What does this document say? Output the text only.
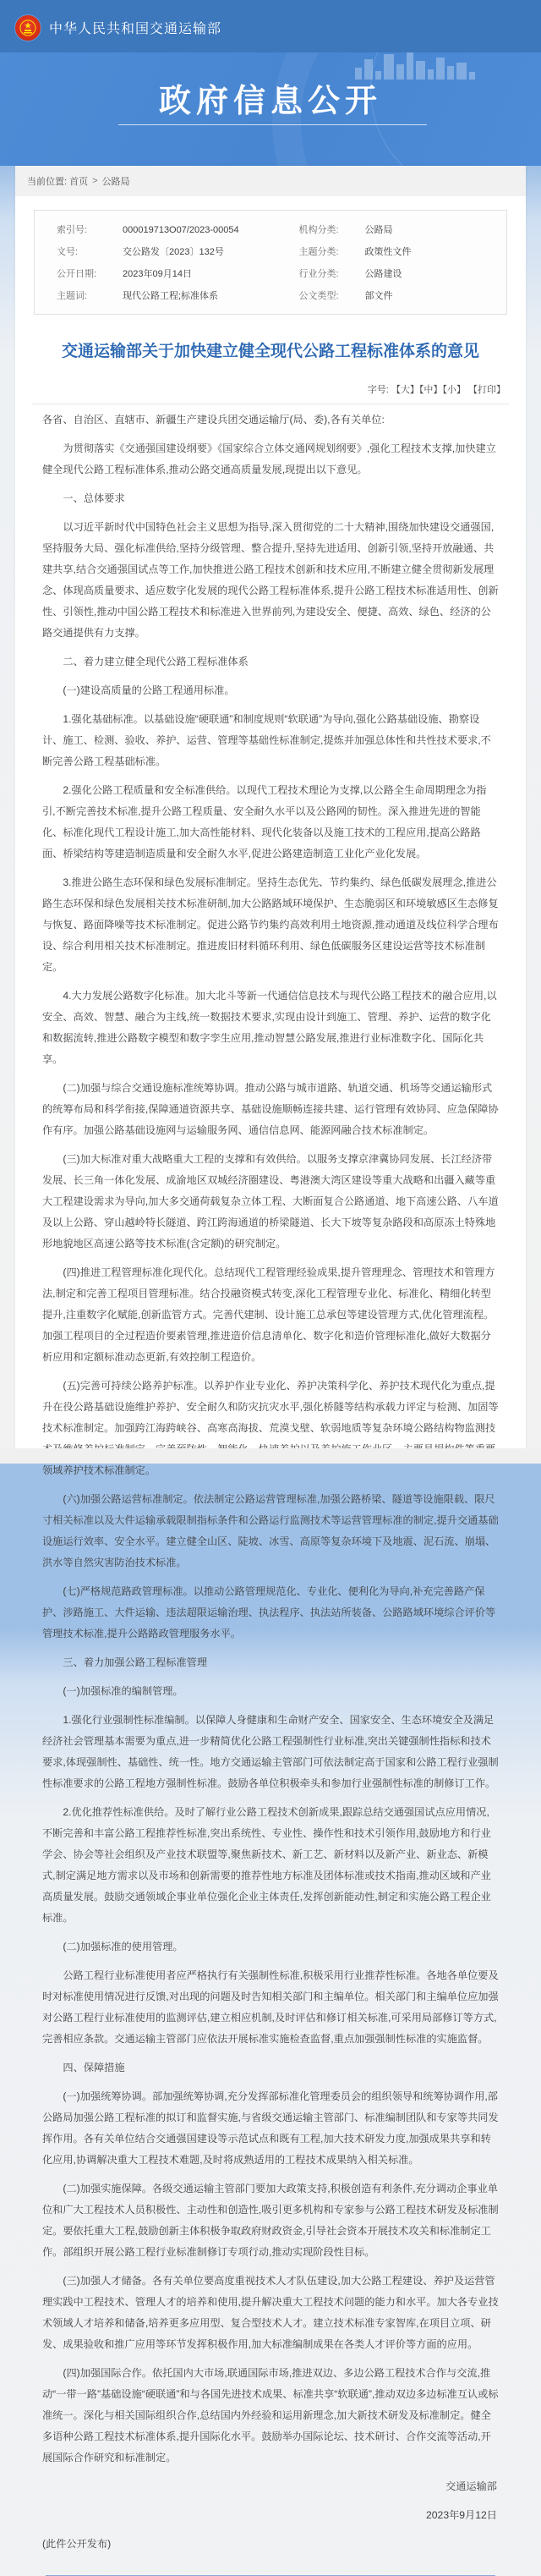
中华人民共和国交通运输部
政府信息公开
当前位置:
首页 > 公路局
索引号:	000019713O07/2023-00054	机构分类:	公路局
文号:	交公路发〔2023〕132号	主题分类:	政策性文件
公开日期:	2023年09月14日	行业分类:	公路建设
主题词:	现代公路工程;标准体系	公文类型:	部文件
交通运输部关于加快建立健全现代公路工程标准体系的意见
字号: 【大】【中】【小】 【打印】

各省、自治区、直辖市、新疆生产建设兵团交通运输厅(局、委),各有关单位:

为贯彻落实《交通强国建设纲要》《国家综合立体交通网规划纲要》,强化工程技术支撑,加快建立健全现代公路工程标准体系,推动公路交通高质量发展,现提出以下意见。

一、总体要求

以习近平新时代中国特色社会主义思想为指导,深入贯彻党的二十大精神,围绕加快建设交通强国,坚持服务大局、强化标准供给,坚持分级管理、整合提升,坚持先进适用、创新引领,坚持开放融通、共建共享,结合交通强国试点等工作,加快推进公路工程技术创新和技术应用,不断建立健全贯彻新发展理念、体现高质量要求、适应数字化发展的现代公路工程标准体系,提升公路工程技术标准适用性、创新性、引领性,推动中国公路工程技术和标准进入世界前列,为建设安全、便捷、高效、绿色、经济的公路交通提供有力支撑。

二、着力建立健全现代公路工程标准体系

(一)建设高质量的公路工程通用标准。

1.强化基础标准。以基础设施“硬联通”和制度规则“软联通”为导向,强化公路基础设施、勘察设计、施工、检测、验收、养护、运营、管理等基础性标准制定,提炼并加强总体性和共性技术要求,不断完善公路工程基础标准。

2.强化公路工程质量和安全标准供给。以现代工程技术理论为支撑,以公路全生命周期理念为指引,不断完善技术标准,提升公路工程质量、安全耐久水平以及公路网的韧性。深入推进先进的智能化、标准化现代工程设计施工,加大高性能材料、现代化装备以及施工技术的工程应用,提高公路路面、桥梁结构等建造制造质量和安全耐久水平,促进公路建造制造工业化产业化发展。

3.推进公路生态环保和绿色发展标准制定。坚持生态优先、节约集约、绿色低碳发展理念,推进公路生态环保和绿色发展相关技术标准研制,加大公路路域环境保护、生态脆弱区和环境敏感区生态修复与恢复、路面降噪等技术标准制定。促进公路节约集约高效利用土地资源,推动通道及线位科学合理布设、综合利用相关技术标准制定。推进废旧材料循环利用、绿色低碳服务区建设运营等技术标准制定。

4.大力发展公路数字化标准。加大北斗等新一代通信信息技术与现代公路工程技术的融合应用,以安全、高效、智慧、融合为主线,统一数据技术要求,实现由设计到施工、管理、养护、运营的数字化和数据流转,推进公路数字模型和数字孪生应用,推动智慧公路发展,推进行业标准数字化、国际化共享。

(二)加强与综合交通设施标准统筹协调。推动公路与城市道路、轨道交通、机场等交通运输形式的统筹布局和科学衔接,保障通道资源共享、基础设施顺畅连接共建、运行管理有效协同、应急保障协作有序。加强公路基础设施网与运输服务网、通信信息网、能源网融合技术标准制定。

(三)加大标准对重大战略重大工程的支撑和有效供给。以服务支撑京津冀协同发展、长江经济带发展、长三角一体化发展、成渝地区双城经济圈建设、粤港澳大湾区建设等重大战略和出疆入藏等重大工程建设需求为导向,加大多交通荷载复杂立体工程、大断面复合公路通道、地下高速公路、八车道及以上公路、穿山越岭特长隧道、跨江跨海通道的桥梁隧道、长大下坡等复杂路段和高原冻土特殊地形地貌地区高速公路等技术标准(含定额)的研究制定。

(四)推进工程管理标准化现代化。总结现代工程管理经验成果,提升管理理念、管理技术和管理方法,制定和完善工程项目管理标准。结合投融资模式转变,深化工程管理专业化、标准化、精细化转型提升,注重数字化赋能,创新监管方式。完善代建制、设计施工总承包等建设管理方式,优化管理流程。加强工程项目的全过程造价要素管理,推进造价信息清单化、数字化和造价管理标准化,做好大数据分析应用和定额标准动态更新,有效控制工程造价。

(五)完善可持续公路养护标准。以养护作业专业化、养护决策科学化、养护技术现代化为重点,提升在役公路基础设施维护养护、安全耐久和防灾抗灾水平,强化桥隧等结构承载力评定与检测、加固等技术标准制定。加强跨江海跨峡谷、高寒高海拔、荒漠戈壁、软弱地质等复杂环境公路结构物监测技 领域养护技术标准制定。

(六)加强公路运营标准制定。依法制定公路运营管理标准,加强公路桥梁、隧道等设施限载、限尺寸相关标准以及大件运输承载限制指标条件和公路运行监测技术等运营管理标准的制定,提升交通基础设施运行效率、安全水平。建立健全山区、陡坡、冰雪、高原等复杂环境下及地震、泥石流、崩塌、洪水等自然灾害防治技术标准。

(七)严格规范路政管理标准。以推动公路管理规范化、专业化、便利化为导向,补充完善路产保护、涉路施工、大件运输、违法超限运输治理、执法程序、执法站所装备、公路路域环境综合评价等管理技术标准,提升公路路政管理服务水平。

三、着力加强公路工程标准管理

(一)加强标准的编制管理。

1.强化行业强制性标准编制。以保障人身健康和生命财产安全、国家安全、生态环境安全及满足经济社会管理基本需要为重点,进一步精简优化公路工程强制性行业标准,突出关键强制性指标和技术要求,体现强制性、基础性、统一性。地方交通运输主管部门可依法制定高于国家和公路工程行业强制性标准要求的公路工程地方强制性标准。鼓励各单位积极牵头和参加行业强制性标准的制修订工作。

2.优化推荐性标准供给。及时了解行业公路工程技术创新成果,跟踪总结交通强国试点应用情况,不断完善和丰富公路工程推荐性标准,突出系统性、专业性、操作性和技术引领作用,鼓励地方和行业学会、协会等社会组织及产业技术联盟等,聚焦新技术、新工艺、新材料以及新产业、新业态、新模式,制定满足地方需求以及市场和创新需要的推荐性地方标准及团体标准或技术指南,推动区域和产业高质量发展。鼓励交通领域企事业单位强化企业主体责任,发挥创新能动性,制定和实施公路工程企业标准。

(二)加强标准的使用管理。

公路工程行业标准使用者应严格执行有关强制性标准,积极采用行业推荐性标准。各地各单位要及时对标准使用情况进行反馈,对出现的问题及时告知相关部门和主编单位。相关部门和主编单位应加强对公路工程行业标准使用的监测评估,建立相应机制,及时评估和修订相关标准,可采用局部修订等方式,完善相应条款。交通运输主管部门应依法开展标准实施检查监督,重点加强强制性标准的实施监督。

四、保障措施

(一)加强统筹协调。部加强统筹协调,充分发挥部标准化管理委员会的组织领导和统筹协调作用,部公路局加强公路工程标准的拟订和监督实施,与省级交通运输主管部门、标准编制团队和专家等共同发挥作用。各有关单位结合交通强国建设等示范试点和既有工程,加大技术研发力度,加强成果共享和转化应用,协调解决重大工程技术难题,及时将成熟适用的工程技术成果纳入相关标准。

(二)加强实施保障。各级交通运输主管部门要加大政策支持,积极创造有利条件,充分调动企事业单位和广大工程技术人员积极性、主动性和创造性,吸引更多机构和专家参与公路工程技术研发及标准制定。要依托重大工程,鼓励创新主体积极争取政府财政资金,引导社会资本开展技术攻关和标准制定工作。部组织开展公路工程行业标准制修订专项行动,推动实现阶段性目标。

(三)加强人才储备。各有关单位要高度重视技术人才队伍建设,加大公路工程建设、养护及运营管理实践中工程技术、管理人才的培养和使用,提升解决重大工程技术问题的能力和水平。加大各专业技术领域人才培养和储备,培养更多应用型、复合型技术人才。建立技术标准专家智库,在项目立项、研发、成果验收和推广应用等环节发挥积极作用,加大标准编制成果在各类人才评价等方面的应用。

(四)加强国际合作。依托国内大市场,联通国际市场,推进双边、多边公路工程技术合作与交流,推动“一带一路”基础设施“硬联通”和与各国先进技术成果、标准共享“软联通”,推动双边多边标准互认或标准统一。深化与相关国际组织合作,总结国内外经验和运用新理念,加大新技术研发及标准制定。健全多语种公路工程技术标准体系,提升国际化水平。鼓励举办国际论坛、技术研讨、合作交流等活动,开展国际合作研究和标准制定。

交通运输部
2023年9月12日
(此件公开发布)
